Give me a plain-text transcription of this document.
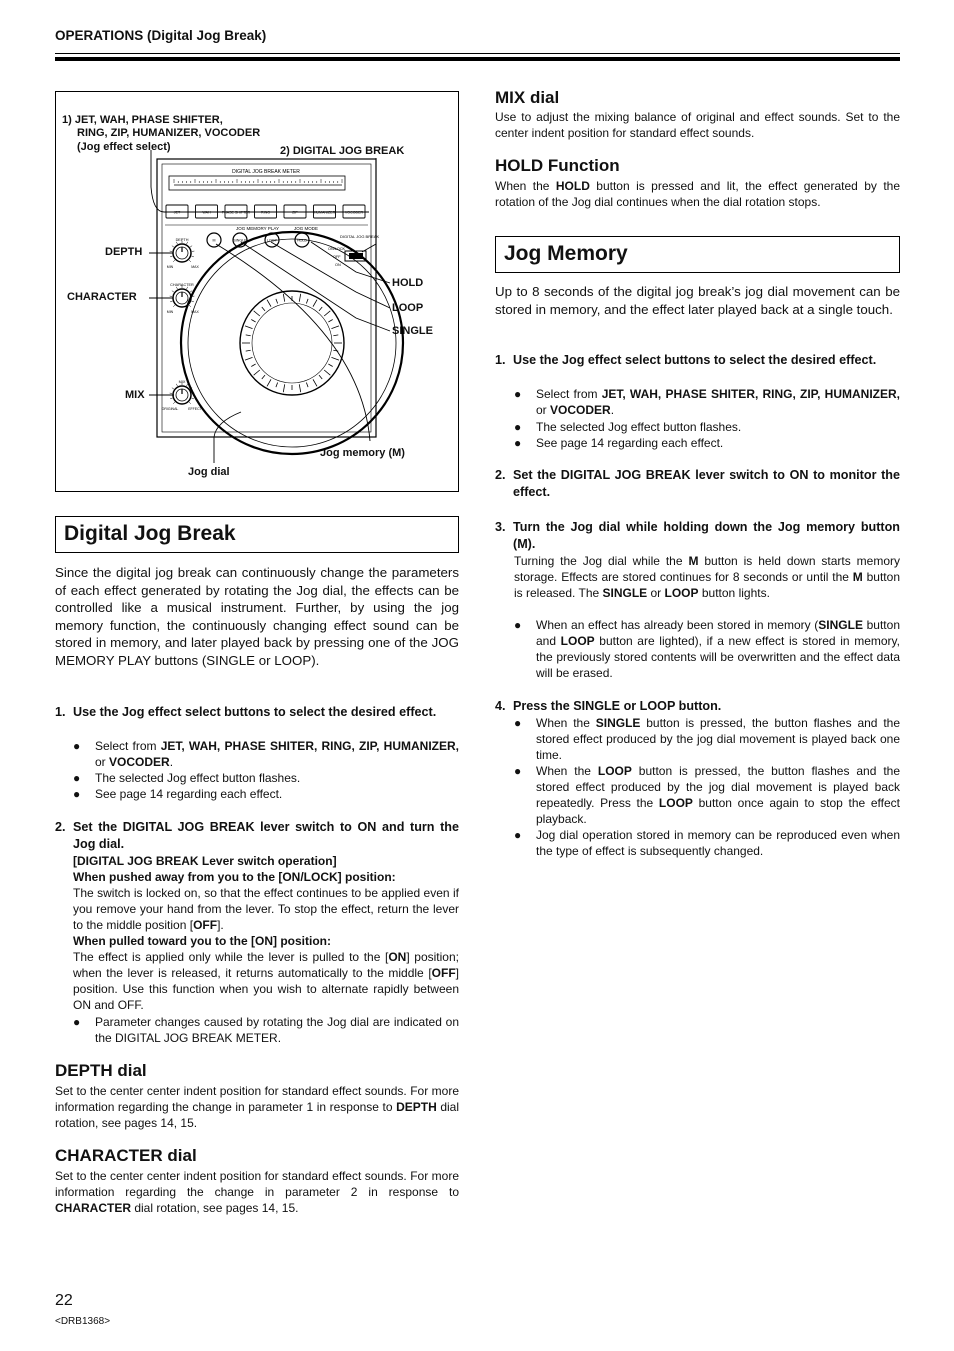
OPERATIONS (Digital Jog Break)
1) JET, WAH, PHASE SHIFTER,
RING, ZIP, HUMANIZER, VOCODER
(Jog effect select)	2) DIGITAL JOG BREAK
DEPTH
CHARACTER
MIX
HOLD
LOOP
SINGLE
Jog memory (M)
Jog dial
DIGITAL JOG BREAK METER
JET	WAH	PHASE SHIFTER	RING	ZIP	HUMANIZER	VOCODER
JOG MEMORY PLAY	JOG MODE
DIGITAL JOG BREAK
M	SINGLE	LOOP	HOLD
ON/LOCK
OFF
ON
DEPTH
MIN	MAX
CHARACTER
MIN	MAX
MIX
ORIGINAL	EFFECT
Digital Jog Break
Since the digital jog break can continuously change the parameters of each effect generated by rotating the Jog dial, the effects can be controlled like a musical instrument. Further, by using the jog memory function, the continuously changing effect sound can be stored in memory, and later played back by pressing one of the JOG MEMORY PLAY buttons (SINGLE or LOOP).
1. Use the Jog effect select buttons to select the desired effect.
● Select from JET, WAH, PHASE SHITER, RING, ZIP, HUMANIZER, or VOCODER.
● The selected Jog effect button flashes.
● See page 14 regarding each effect.
2. Set the DIGITAL JOG BREAK lever switch to ON and turn the Jog dial.
[DIGITAL JOG BREAK Lever switch operation]
When pushed away from you to the [ON/LOCK] position:
The switch is locked on, so that the effect continues to be applied even if you remove your hand from the lever. To stop the effect, return the lever to the middle position [OFF].
When pulled toward you to the [ON] position:
The effect is applied only while the lever is pulled to the [ON] position; when the lever is released, it returns automatically to the middle [OFF] position. Use this function when you wish to alternate rapidly between ON and OFF.
● Parameter changes caused by rotating the Jog dial are indicated on the DIGITAL JOG BREAK METER.
DEPTH dial
Set to the center center indent position for standard effect sounds. For more information regarding the change in parameter 1 in response to DEPTH dial rotation, see pages 14, 15.
CHARACTER dial
Set to the center center indent position for standard effect sounds. For more information regarding the change in parameter 2 in response to CHARACTER dial rotation, see pages 14, 15.
MIX dial
Use to adjust the mixing balance of original and effect sounds. Set to the center indent position for standard effect sounds.
HOLD Function
When the HOLD button is pressed and lit, the effect generated by the rotation of the Jog dial continues when the dial rotation stops.
Jog Memory
Up to 8 seconds of the digital jog break’s jog dial movement can be stored in memory, and the effect later played back at a single touch.
1. Use the Jog effect select buttons to select the desired effect.
● Select from JET, WAH, PHASE SHITER, RING, ZIP, HUMANIZER, or VOCODER.
● The selected Jog effect button flashes.
● See page 14 regarding each effect.
2. Set the DIGITAL JOG BREAK lever switch to ON to monitor the effect.
3. Turn the Jog dial while holding down the Jog memory button (M).
Turning the Jog dial while the M button is held down starts memory storage. Effects are stored continues for 8 seconds or until the M button is released. The SINGLE or LOOP button lights.
● When an effect has already been stored in memory (SINGLE button and LOOP button are lighted), if a new effect is stored in memory, the previously stored contents will be overwritten and the effect data will be erased.
4. Press the SINGLE or LOOP button.
● When the SINGLE button is pressed, the button flashes and the stored effect produced by the jog dial movement is played back one time.
● When the LOOP button is pressed, the button flashes and the stored effect produced by the jog dial movement is played back repeatedly. Press the LOOP button once again to stop the effect playback.
● Jog dial operation stored in memory can be reproduced even when the type of effect is subsequently changed.
22
<DRB1368>
